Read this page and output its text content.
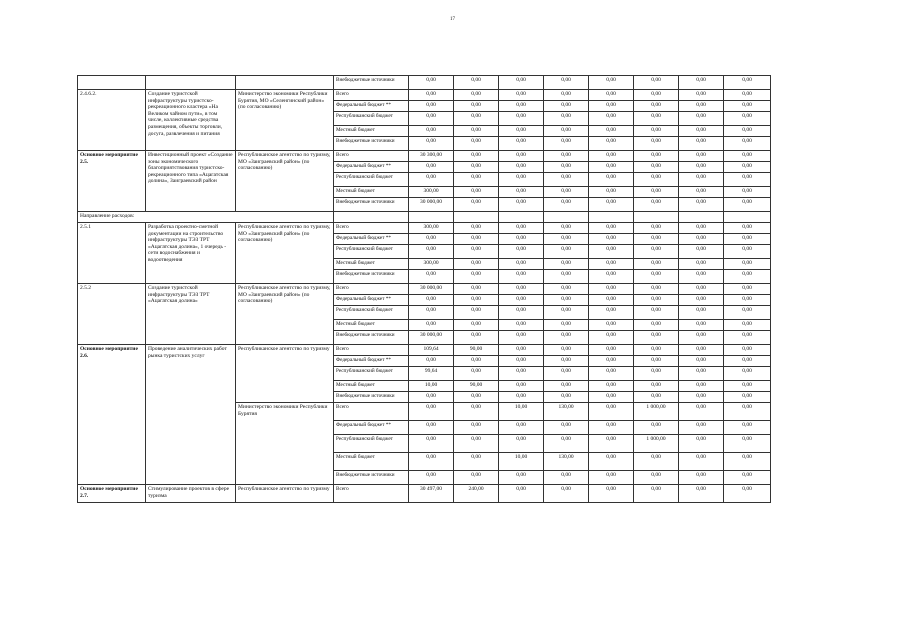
17
			Внебюджетные источники	0,00	0,00	0,00	0,00	0,00	0,00	0,00	0,00
2.4.6.2.	Создание туристской инфраструктуры туристско-рекреационного кластера «На Великом чайном пути», в том числе, коллективные средства размещения, объекты торговли, досуга, развлечения и питания	Министерство экономики Республики Бурятия, МО «Селенгинский район» (по согласованию)	Всего	0,00	0,00	0,00	0,00	0,00	0,00	0,00	0,00
			Федеральный бюджет **	0,00	0,00	0,00	0,00	0,00	0,00	0,00	0,00
			Республиканский бюджет	0,00	0,00	0,00	0,00	0,00	0,00	0,00	0,00
			Местный бюджет	0,00	0,00	0,00	0,00	0,00	0,00	0,00	0,00
			Внебюджетные источники	0,00	0,00	0,00	0,00	0,00	0,00	0,00	0,00
Основное мероприятие 2.5.	Инвестиционный проект «Создание зоны экономического благоприятствования туристско-рекреационного типа «Ацагатская долина», Заиграевский район	Республиканское агентство по туризму, МО «Заиграевский район» (по согласованию)	Всего	30 300,00	0,00	0,00	0,00	0,00	0,00	0,00	0,00
			Федеральный бюджет **	0,00	0,00	0,00	0,00	0,00	0,00	0,00	0,00
			Республиканский бюджет	0,00	0,00	0,00	0,00	0,00	0,00	0,00	0,00
			Местный бюджет	300,00	0,00	0,00	0,00	0,00	0,00	0,00	0,00
			Внебюджетные источники	30 000,00	0,00	0,00	0,00	0,00	0,00	0,00	0,00
Направление расходов:											
2.5.1	Разработка проектно-сметной документации на строительство инфраструктуры ТЭЗ ТРТ «Ацагатская долина», 1 очередь - сети водоснабжения и водоотведения	Республиканское агентство по туризму, МО «Заиграевский район» (по согласованию)	Всего	300,00	0,00	0,00	0,00	0,00	0,00	0,00	0,00
			Федеральный бюджет **	0,00	0,00	0,00	0,00	0,00	0,00	0,00	0,00
			Республиканский бюджет	0,00	0,00	0,00	0,00	0,00	0,00	0,00	0,00
			Местный бюджет	300,00	0,00	0,00	0,00	0,00	0,00	0,00	0,00
			Внебюджетные источники	0,00	0,00	0,00	0,00	0,00	0,00	0,00	0,00
2.5.2	Создание туристской инфраструктуры ТЭЗ ТРТ «Ацагатская долина»	Республиканское агентство по туризму, МО «Заиграевский район» (по согласованию)	Всего	30 000,00	0,00	0,00	0,00	0,00	0,00	0,00	0,00
			Федеральный бюджет **	0,00	0,00	0,00	0,00	0,00	0,00	0,00	0,00
			Республиканский бюджет	0,00	0,00	0,00	0,00	0,00	0,00	0,00	0,00
			Местный бюджет	0,00	0,00	0,00	0,00	0,00	0,00	0,00	0,00
			Внебюджетные источники	30 000,00	0,00	0,00	0,00	0,00	0,00	0,00	0,00
Основное мероприятие 2.6.	Проведение аналитических работ рынка туристских услуг	Республиканское агентство по туризму	Всего	109,64	90,00	0,00	0,00	0,00	0,00	0,00	0,00
			Федеральный бюджет **	0,00	0,00	0,00	0,00	0,00	0,00	0,00	0,00
			Республиканский бюджет	99,64	0,00	0,00	0,00	0,00	0,00	0,00	0,00
			Местный бюджет	10,00	90,00	0,00	0,00	0,00	0,00	0,00	0,00
			Внебюджетные источники	0,00	0,00	0,00	0,00	0,00	0,00	0,00	0,00
		Министерство экономики Республики Бурятия	Всего	0,00	0,00	10,00	130,00	0,00	1 000,00	0,00	0,00
			Федеральный бюджет **	0,00	0,00	0,00	0,00	0,00	0,00	0,00	0,00
			Республиканский бюджет	0,00	0,00	0,00	0,00	0,00	1 000,00	0,00	0,00
			Местный бюджет	0,00	0,00	10,00	130,00	0,00	0,00	0,00	0,00
			Внебюджетные источники	0,00	0,00	0,00	0,00	0,00	0,00	0,00	0,00
Основное мероприятие 2.7.	Стимулирование проектов в сфере туризма	Республиканское агентство по туризму	Всего	30 497,00	240,00	0,00	0,00	0,00	0,00	0,00	0,00
